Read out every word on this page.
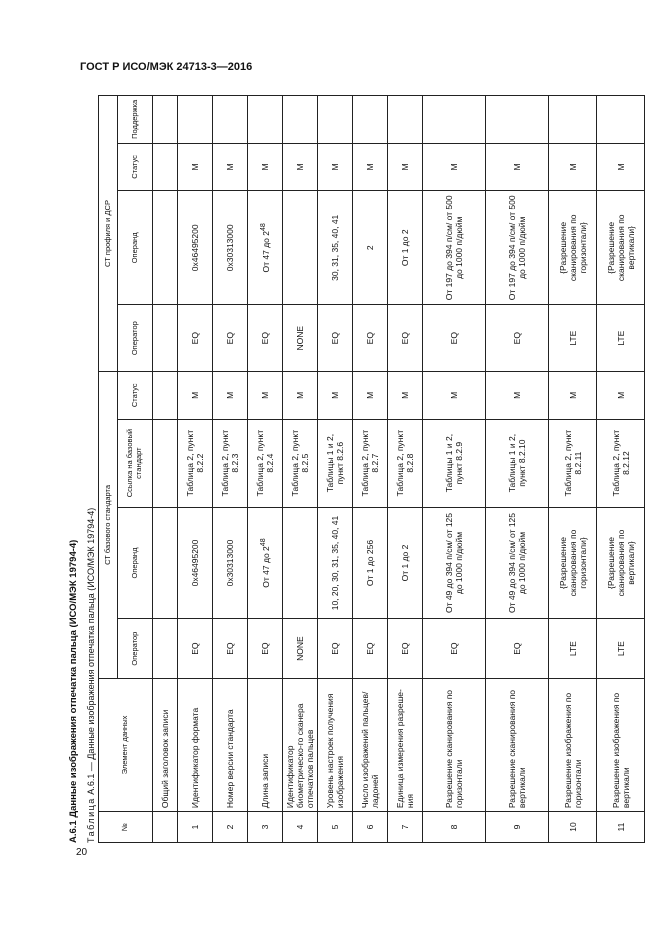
ГОСТ Р ИСО/МЭК 24713-3—2016
20
A.6.1 Данные изображения отпечатка пальца (ИСО/МЭК 19794-4) Таблица A.6.1 — Данные изображения отпечатка пальца (ИСО/МЭК 19794-4)
№	Элемент данных	СТ базового стандарта				СТ профиля и ДСР			
		Оператор	Операнд	Ссылка на базовый стандарт	Статус	Оператор	Операнд	Статус	Поддержка
	Общий заголовок записи								
1	Идентификатор формата	EQ	0x46495200	Таблица 2, пункт 8.2.2	M	EQ	0x46495200	M	
2	Номер версии стандарта	EQ	0x30313000	Таблица 2, пункт 8.2.3	M	EQ	0x30313000	M	
3	Длина записи	EQ	От 47 до $2^{48}$	Таблица 2, пункт 8.2.4	M	EQ	От 47 до $2^{48}$	M	
4	Идентификатор биометрическо-го сканера отпечатков пальцев	NONE		Таблица 2, пункт 8.2.5	M	NONE		M	
5	Уровень настроек получения изображения	EQ	10, 20, 30, 31, 35, 40, 41	Таблицы 1 и 2, пункт 8.2.6	M	EQ	30, 31, 35, 40, 41	M	
6	Число изображений пальцев/ладоней	EQ	От 1 до 256	Таблица 2, пункт 8.2.7	M	EQ	2	M	
7	Единица измерения разреше-ния	EQ	От 1 до 2	Таблица 2, пункт 8.2.8	M	EQ	От 1 до 2	M	
8	Разрешение сканирования по горизонтали	EQ	От 49 до 394 п/см/ от 125 до 1000 п/дюйм	Таблицы 1 и 2, пункт 8.2.9	M	EQ	От 197 до 394 п/см/ от 500 до 1000 п/дюйм	M	
9	Разрешение сканирования по вертикали	EQ	От 49 до 394 п/см/ от 125 до 1000 п/дюйм	Таблицы 1 и 2, пункт 8.2.10	M	EQ	От 197 до 394 п/см/ от 500 до 1000 п/дюйм	M	
10	Разрешение изображения по горизонтали	LTE	{Разрешение сканирования по горизонтали}	Таблица 2, пункт 8.2.11	M	LTE	{Разрешение сканирования по горизонтали}	M	
11	Разрешение изображения по вертикали	LTE	{Разрешение сканирования по вертикали}	Таблица 2, пункт 8.2.12	M	LTE	{Разрешение сканирования по вертикали}	M	
